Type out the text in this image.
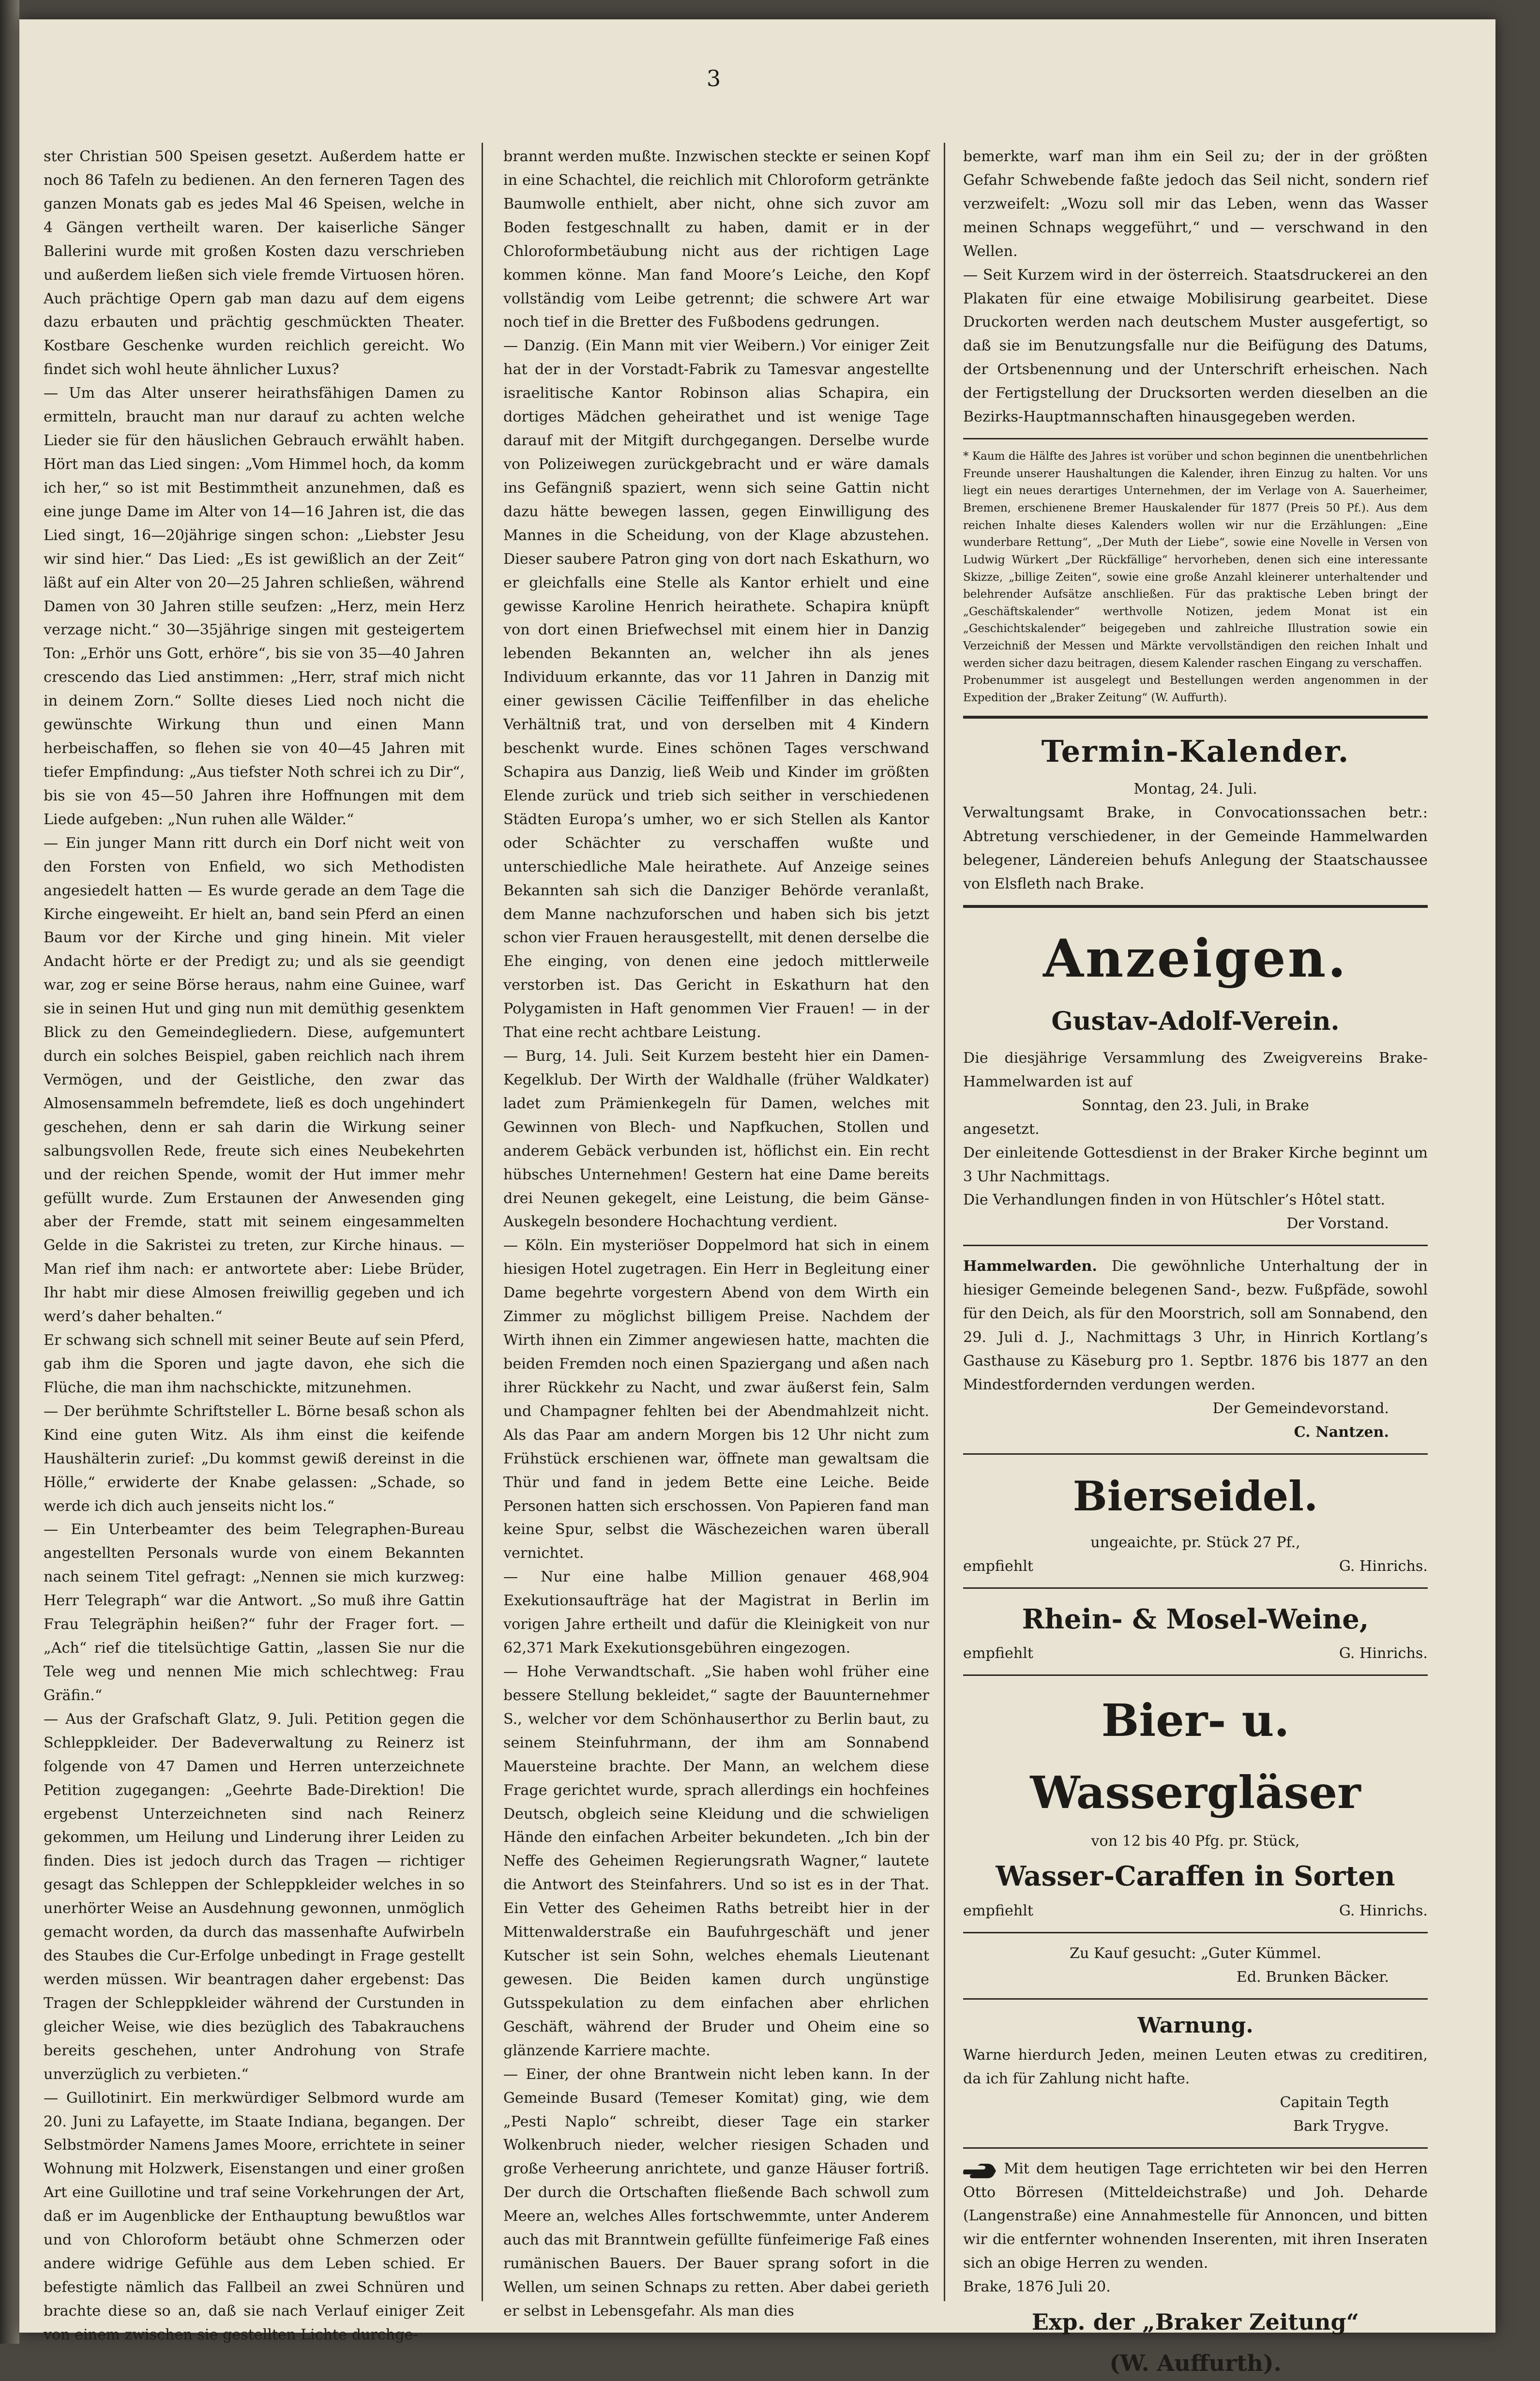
3

ster Christian 500 Speisen gesetzt. Außerdem hatte er noch 86 Tafeln zu bedienen. An den ferneren Tagen des ganzen Monats gab es jedes Mal 46 Speisen, welche in 4 Gängen vertheilt waren. Der kaiserliche Sänger Ballerini wurde mit großen Kosten dazu verschrieben und außerdem ließen sich viele fremde Virtuosen hören. Auch prächtige Opern gab man dazu auf dem eigens dazu erbauten und prächtig geschmückten Theater. Kostbare Geschenke wurden reichlich gereicht. Wo findet sich wohl heute ähnlicher Luxus?

— Um das Alter unserer heirathsfähigen Damen zu ermitteln, braucht man nur darauf zu achten welche Lieder sie für den häuslichen Gebrauch erwählt haben. Hört man das Lied singen: „Vom Himmel hoch, da komm ich her,“ so ist mit Bestimmtheit anzunehmen, daß es eine junge Dame im Alter von 14—16 Jahren ist, die das Lied singt, 16—20jährige singen schon: „Liebster Jesu wir sind hier.“ Das Lied: „Es ist gewißlich an der Zeit“ läßt auf ein Alter von 20—25 Jahren schließen, während Damen von 30 Jahren stille seufzen: „Herz, mein Herz verzage nicht.“ 30—35jährige singen mit gesteigertem Ton: „Erhör uns Gott, erhöre“, bis sie von 35—40 Jahren crescendo das Lied anstimmen: „Herr, straf mich nicht in deinem Zorn.“ Sollte dieses Lied noch nicht die gewünschte Wirkung thun und einen Mann herbeischaffen, so flehen sie von 40—45 Jahren mit tiefer Empfindung: „Aus tiefster Noth schrei ich zu Dir“, bis sie von 45—50 Jahren ihre Hoffnungen mit dem Liede aufgeben: „Nun ruhen alle Wälder.“

— Ein junger Mann ritt durch ein Dorf nicht weit von den Forsten von Enfield, wo sich Methodisten angesiedelt hatten — Es wurde gerade an dem Tage die Kirche eingeweiht. Er hielt an, band sein Pferd an einen Baum vor der Kirche und ging hinein. Mit vieler Andacht hörte er der Predigt zu; und als sie geendigt war, zog er seine Börse heraus, nahm eine Guinee, warf sie in seinen Hut und ging nun mit demüthig gesenktem Blick zu den Gemeindegliedern. Diese, aufgemuntert durch ein solches Beispiel, gaben reichlich nach ihrem Vermögen, und der Geistliche, den zwar das Almosensammeln befremdete, ließ es doch ungehindert geschehen, denn er sah darin die Wirkung seiner salbungsvollen Rede, freute sich eines Neubekehrten und der reichen Spende, womit der Hut immer mehr gefüllt wurde. Zum Erstaunen der Anwesenden ging aber der Fremde, statt mit seinem eingesammelten Gelde in die Sakristei zu treten, zur Kirche hinaus. — Man rief ihm nach: er antwortete aber: Liebe Brüder, Ihr habt mir diese Almosen freiwillig gegeben und ich werd’s daher behalten.“

Er schwang sich schnell mit seiner Beute auf sein Pferd, gab ihm die Sporen und jagte davon, ehe sich die Flüche, die man ihm nachschickte, mitzunehmen.

— Der berühmte Schriftsteller L. Börne besaß schon als Kind eine guten Witz. Als ihm einst die keifende Haushälterin zurief: „Du kommst gewiß dereinst in die Hölle,“ erwiderte der Knabe gelassen: „Schade, so werde ich dich auch jenseits nicht los.“

— Ein Unterbeamter des beim Telegraphen-Bureau angestellten Personals wurde von einem Bekannten nach seinem Titel gefragt: „Nennen sie mich kurzweg: Herr Telegraph“ war die Antwort. „So muß ihre Gattin Frau Telegräphin heißen?“ fuhr der Frager fort. — „Ach“ rief die titelsüchtige Gattin, „lassen Sie nur die Tele weg und nennen Mie mich schlechtweg: Frau Gräfin.“

— Aus der Grafschaft Glatz, 9. Juli. Petition gegen die Schleppkleider. Der Badeverwaltung zu Reinerz ist folgende von 47 Damen und Herren unterzeichnete Petition zugegangen: „Geehrte Bade-Direktion! Die ergebenst Unterzeichneten sind nach Reinerz gekommen, um Heilung und Linderung ihrer Leiden zu finden. Dies ist jedoch durch das Tragen — richtiger gesagt das Schleppen der Schleppkleider welches in so unerhörter Weise an Ausdehnung gewonnen, unmöglich gemacht worden, da durch das massenhafte Aufwirbeln des Staubes die Cur-Erfolge unbedingt in Frage gestellt werden müssen. Wir beantragen daher ergebenst: Das Tragen der Schleppkleider während der Curstunden in gleicher Weise, wie dies bezüglich des Tabakrauchens bereits geschehen, unter Androhung von Strafe unverzüglich zu verbieten.“

— Guillotinirt. Ein merkwürdiger Selbmord wurde am 20. Juni zu Lafayette, im Staate Indiana, begangen. Der Selbstmörder Namens James Moore, errichtete in seiner Wohnung mit Holzwerk, Eisenstangen und einer großen Art eine Guillotine und traf seine Vorkehrungen der Art, daß er im Augenblicke der Enthauptung bewußtlos war und von Chloroform betäubt ohne Schmerzen oder andere widrige Gefühle aus dem Leben schied. Er befestigte nämlich das Fallbeil an zwei Schnüren und brachte diese so an, daß sie nach Verlauf einiger Zeit von einem zwischen sie gestellten Lichte durchge-

brannt werden mußte. Inzwischen steckte er seinen Kopf in eine Schachtel, die reichlich mit Chloroform getränkte Baumwolle enthielt, aber nicht, ohne sich zuvor am Boden festgeschnallt zu haben, damit er in der Chloroformbetäubung nicht aus der richtigen Lage kommen könne. Man fand Moore’s Leiche, den Kopf vollständig vom Leibe getrennt; die schwere Art war noch tief in die Bretter des Fußbodens gedrungen.

— Danzig. (Ein Mann mit vier Weibern.) Vor einiger Zeit hat der in der Vorstadt-Fabrik zu Tamesvar angestellte israelitische Kantor Robinson alias Schapira, ein dortiges Mädchen geheirathet und ist wenige Tage darauf mit der Mitgift durchgegangen. Derselbe wurde von Polizeiwegen zurückgebracht und er wäre damals ins Gefängniß spaziert, wenn sich seine Gattin nicht dazu hätte bewegen lassen, gegen Einwilligung des Mannes in die Scheidung, von der Klage abzustehen. Dieser saubere Patron ging von dort nach Eskathurn, wo er gleichfalls eine Stelle als Kantor erhielt und eine gewisse Karoline Henrich heirathete. Schapira knüpft von dort einen Briefwechsel mit einem hier in Danzig lebenden Bekannten an, welcher ihn als jenes Individuum erkannte, das vor 11 Jahren in Danzig mit einer gewissen Cäcilie Teiffenfilber in das eheliche Verhältniß trat, und von derselben mit 4 Kindern beschenkt wurde. Eines schönen Tages verschwand Schapira aus Danzig, ließ Weib und Kinder im größten Elende zurück und trieb sich seither in verschiedenen Städten Europa’s umher, wo er sich Stellen als Kantor oder Schächter zu verschaffen wußte und unterschiedliche Male heirathete. Auf Anzeige seines Bekannten sah sich die Danziger Behörde veranlaßt, dem Manne nachzuforschen und haben sich bis jetzt schon vier Frauen herausgestellt, mit denen derselbe die Ehe einging, von denen eine jedoch mittlerweile verstorben ist. Das Gericht in Eskathurn hat den Polygamisten in Haft genommen Vier Frauen! — in der That eine recht achtbare Leistung.

— Burg, 14. Juli. Seit Kurzem besteht hier ein Damen-Kegelklub. Der Wirth der Waldhalle (früher Waldkater) ladet zum Prämienkegeln für Damen, welches mit Gewinnen von Blech- und Napfkuchen, Stollen und anderem Gebäck verbunden ist, höflichst ein. Ein recht hübsches Unternehmen! Gestern hat eine Dame bereits drei Neunen gekegelt, eine Leistung, die beim Gänse-Auskegeln besondere Hochachtung verdient.

— Köln. Ein mysteriöser Doppelmord hat sich in einem hiesigen Hotel zugetragen. Ein Herr in Begleitung einer Dame begehrte vorgestern Abend von dem Wirth ein Zimmer zu möglichst billigem Preise. Nachdem der Wirth ihnen ein Zimmer angewiesen hatte, machten die beiden Fremden noch einen Spaziergang und aßen nach ihrer Rückkehr zu Nacht, und zwar äußerst fein, Salm und Champagner fehlten bei der Abendmahlzeit nicht. Als das Paar am andern Morgen bis 12 Uhr nicht zum Frühstück erschienen war, öffnete man gewaltsam die Thür und fand in jedem Bette eine Leiche. Beide Personen hatten sich erschossen. Von Papieren fand man keine Spur, selbst die Wäschezeichen waren überall vernichtet.

— Nur eine halbe Million genauer 468,904 Exekutionsaufträge hat der Magistrat in Berlin im vorigen Jahre ertheilt und dafür die Kleinigkeit von nur 62,371 Mark Exekutionsgebühren eingezogen.

— Hohe Verwandtschaft. „Sie haben wohl früher eine bessere Stellung bekleidet,“ sagte der Bauunternehmer S., welcher vor dem Schönhauserthor zu Berlin baut, zu seinem Steinfuhrmann, der ihm am Sonnabend Mauersteine brachte. Der Mann, an welchem diese Frage gerichtet wurde, sprach allerdings ein hochfeines Deutsch, obgleich seine Kleidung und die schwieligen Hände den einfachen Arbeiter bekundeten. „Ich bin der Neffe des Geheimen Regierungsrath Wagner,“ lautete die Antwort des Steinfahrers. Und so ist es in der That. Ein Vetter des Geheimen Raths betreibt hier in der Mittenwalderstraße ein Baufuhrgeschäft und jener Kutscher ist sein Sohn, welches ehemals Lieutenant gewesen. Die Beiden kamen durch ungünstige Gutsspekulation zu dem einfachen aber ehrlichen Geschäft, während der Bruder und Oheim eine so glänzende Karriere machte.

— Einer, der ohne Brantwein nicht leben kann. In der Gemeinde Busard (Temeser Komitat) ging, wie dem „Pesti Naplo“ schreibt, dieser Tage ein starker Wolkenbruch nieder, welcher riesigen Schaden und große Verheerung anrichtete, und ganze Häuser fortriß. Der durch die Ortschaften fließende Bach schwoll zum Meere an, welches Alles fortschwemmte, unter Anderem auch das mit Branntwein gefüllte fünfeimerige Faß eines rumänischen Bauers. Der Bauer sprang sofort in die Wellen, um seinen Schnaps zu retten. Aber dabei gerieth er selbst in Lebensgefahr. Als man dies

bemerkte, warf man ihm ein Seil zu; der in der größten Gefahr Schwebende faßte jedoch das Seil nicht, sondern rief verzweifelt: „Wozu soll mir das Leben, wenn das Wasser meinen Schnaps weggeführt,“ und — verschwand in den Wellen.

— Seit Kurzem wird in der österreich. Staatsdruckerei an den Plakaten für eine etwaige Mobilisirung gearbeitet. Diese Druckorten werden nach deutschem Muster ausgefertigt, so daß sie im Benutzungsfalle nur die Beifügung des Datums, der Ortsbenennung und der Unterschrift erheischen. Nach der Fertigstellung der Drucksorten werden dieselben an die Bezirks-Hauptmannschaften hinausgegeben werden.

* Kaum die Hälfte des Jahres ist vorüber und schon beginnen die unentbehrlichen Freunde unserer Haushaltungen die Kalender, ihren Einzug zu halten. Vor uns liegt ein neues derartiges Unternehmen, der im Verlage von A. Sauerheimer, Bremen, erschienene Bremer Hauskalender für 1877 (Preis 50 Pf.). Aus dem reichen Inhalte dieses Kalenders wollen wir nur die Erzählungen: „Eine wunderbare Rettung“, „Der Muth der Liebe“, sowie eine Novelle in Versen von Ludwig Würkert „Der Rückfällige“ hervorheben, denen sich eine interessante Skizze, „billige Zeiten“, sowie eine große Anzahl kleinerer unterhaltender und belehrender Aufsätze anschließen. Für das praktische Leben bringt der „Geschäftskalender“ werthvolle Notizen, jedem Monat ist ein „Geschichtskalender“ beigegeben und zahlreiche Illustration sowie ein Verzeichniß der Messen und Märkte vervollständigen den reichen Inhalt und werden sicher dazu beitragen, diesem Kalender raschen Eingang zu verschaffen.

Probenummer ist ausgelegt und Bestellungen werden angenommen in der Expedition der „Braker Zeitung“ (W. Auffurth).

Termin-Kalender.
Montag, 24. Juli.

Verwaltungsamt Brake, in Convocationssachen betr.: Abtretung verschiedener, in der Gemeinde Hammelwarden belegener, Ländereien behufs Anlegung der Staatschaussee von Elsfleth nach Brake.

Anzeigen.
Gustav-Adolf-Verein.

Die diesjährige Versammlung des Zweigvereins Brake-Hammelwarden ist auf

Sonntag, den 23. Juli, in Brake

angesetzt.

Der einleitende Gottesdienst in der Braker Kirche beginnt um 3 Uhr Nachmittags.

Die Verhandlungen finden in von Hütschler’s Hôtel statt.

Der Vorstand.

Hammelwarden. Die gewöhnliche Unterhaltung der in hiesiger Gemeinde belegenen Sand-, bezw. Fußpfäde, sowohl für den Deich, als für den Moorstrich, soll am Sonnabend, den 29. Juli d. J., Nachmittags 3 Uhr, in Hinrich Kortlang’s Gasthause zu Käseburg pro 1. Septbr. 1876 bis 1877 an den Mindestfordernden verdungen werden.

Der Gemeindevorstand.
C. Nantzen.
Bierseidel.
ungeaichte, pr. Stück 27 Pf.,
empfiehlt	G. Hinrichs.
Rhein- & Mosel-Weine,
empfiehlt	G. Hinrichs.
Bier- u. Wassergläser
von 12 bis 40 Pfg. pr. Stück,
Wasser-Caraffen in Sorten
empfiehlt	G. Hinrichs.
Zu Kauf gesucht: „Guter Kümmel.
Ed. Brunken Bäcker.
Warnung.

Warne hierdurch Jeden, meinen Leuten etwas zu creditiren, da ich für Zahlung nicht hafte.

Capitain Tegth
Bark Trygve.

Mit dem heutigen Tage errichteten wir bei den Herren Otto Börresen (Mitteldeichstraße) und Joh. Deharde (Langenstraße) eine Annahmestelle für Annoncen, und bitten wir die entfernter wohnenden Inserenten, mit ihren Inseraten sich an obige Herren zu wenden.

Brake, 1876 Juli 20.
Exp. der „Braker Zeitung“
(W. Auffurth).
